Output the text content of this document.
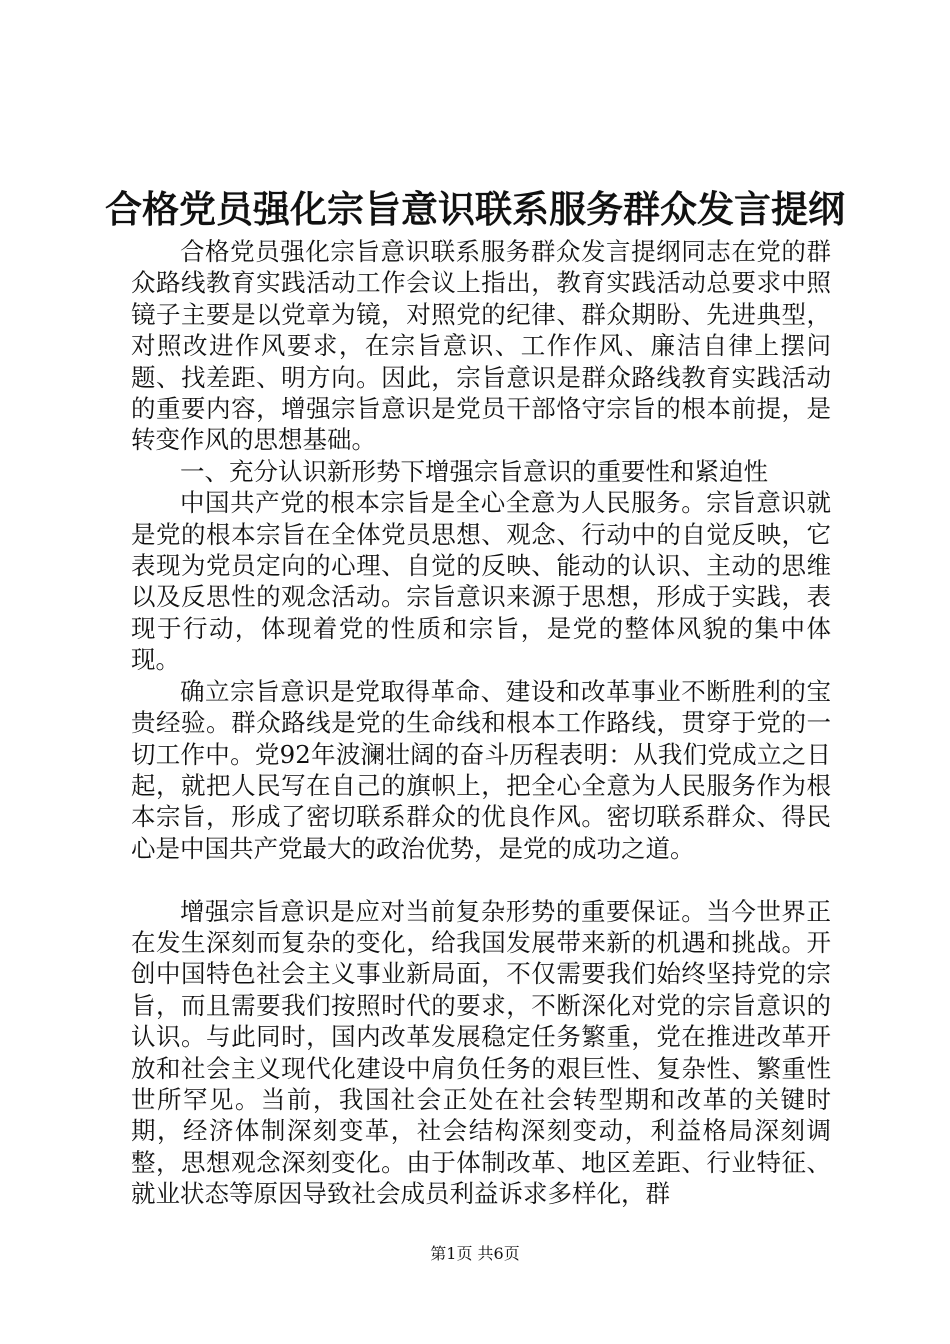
合格党员强化宗旨意识联系服务群众发言提纲

合格党员强化宗旨意识联系服务群众发言提纲同志在党的群众路线教育实践活动工作会议上指出，教育实践活动总要求中照镜子主要是以党章为镜，对照党的纪律、群众期盼、先进典型，对照改进作风要求，在宗旨意识、工作作风、廉洁自律上摆问题、找差距、明方向。因此，宗旨意识是群众路线教育实践活动的重要内容，增强宗旨意识是党员干部恪守宗旨的根本前提，是转变作风的思想基础。

一、充分认识新形势下增强宗旨意识的重要性和紧迫性

中国共产党的根本宗旨是全心全意为人民服务。宗旨意识就是党的根本宗旨在全体党员思想、观念、行动中的自觉反映，它表现为党员定向的心理、自觉的反映、能动的认识、主动的思维以及反思性的观念活动。宗旨意识来源于思想，形成于实践，表现于行动，体现着党的性质和宗旨，是党的整体风貌的集中体现。

确立宗旨意识是党取得革命、建设和改革事业不断胜利的宝贵经验。群众路线是党的生命线和根本工作路线，贯穿于党的一切工作中。党92年波澜壮阔的奋斗历程表明：从我们党成立之日起，就把人民写在自己的旗帜上，把全心全意为人民服务作为根本宗旨，形成了密切联系群众的优良作风。密切联系群众、得民心是中国共产党最大的政治优势，是党的成功之道。

增强宗旨意识是应对当前复杂形势的重要保证。当今世界正在发生深刻而复杂的变化，给我国发展带来新的机遇和挑战。开创中国特色社会主义事业新局面，不仅需要我们始终坚持党的宗旨，而且需要我们按照时代的要求，不断深化对党的宗旨意识的认识。与此同时，国内改革发展稳定任务繁重，党在推进改革开放和社会主义现代化建设中肩负任务的艰巨性、复杂性、繁重性世所罕见。当前，我国社会正处在社会转型期和改革的关键时期，经济体制深刻变革，社会结构深刻变动，利益格局深刻调整，思想观念深刻变化。由于体制改革、地区差距、行业特征、就业状态等原因导致社会成员利益诉求多样化，群

第1页 共6页
